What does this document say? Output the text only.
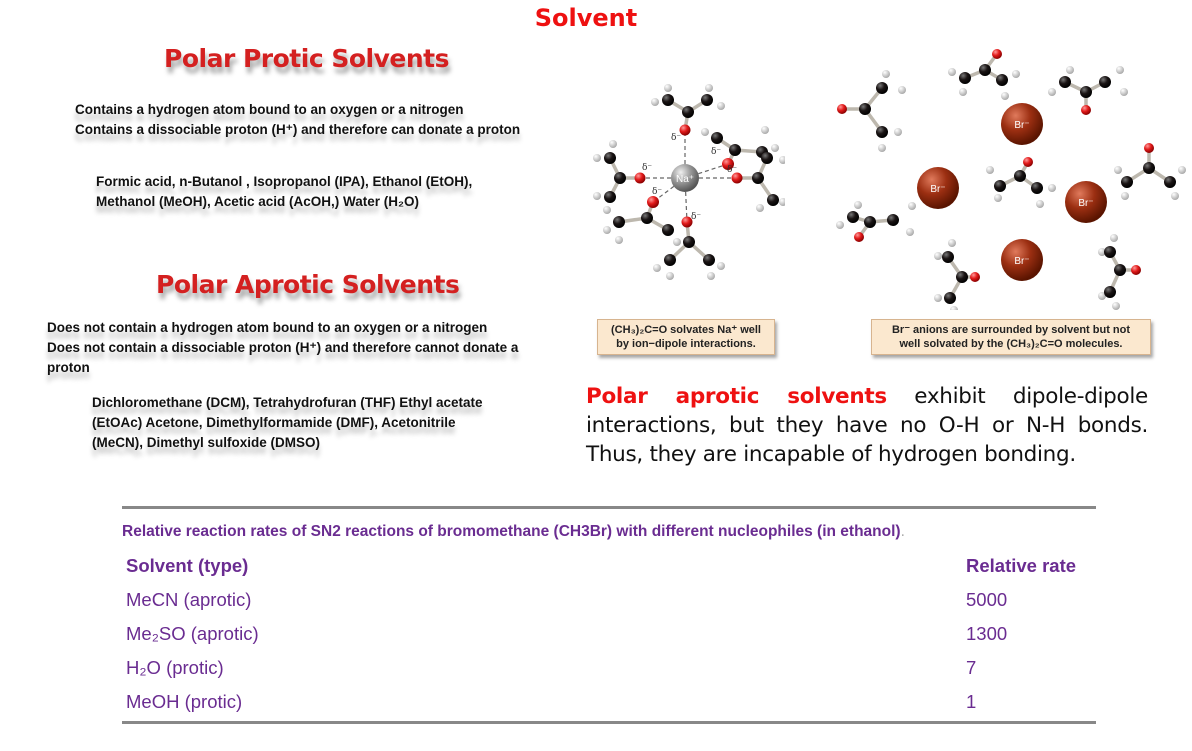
Solvent
Polar Protic Solvents
Contains a hydrogen atom bound to an oxygen or a nitrogen
Contains a dissociable proton (H⁺) and therefore can donate a proton
Formic acid, n-Butanol , Isopropanol (IPA), Ethanol (EtOH),
Methanol (MeOH), Acetic acid (AcOH,) Water (H₂O)
Polar Aprotic Solvents
Does not contain a hydrogen atom bound to an oxygen or a nitrogen
Does not contain a dissociable proton (H⁺) and therefore cannot donate a
proton
Dichloromethane (DCM), Tetrahydrofuran (THF) Ethyl acetate
(EtOAc) Acetone, Dimethylformamide (DMF), Acetonitrile
(MeCN), Dimethyl sulfoxide (DMSO)
Na⁺
δ⁻
δ⁻
δ⁻	δ⁻
δ⁻
δ⁻
(CH₃)₂C=O solvates Na⁺ well
by ion−dipole interactions.
Br⁻
Br⁻
Br⁻
Br⁻
Br⁻ anions are surrounded by solvent but not
well solvated by the (CH₃)₂C=O molecules.
Polar aprotic solvents exhibit dipole-dipole interactions, but they have no O-H or N-H bonds. Thus, they are incapable of hydrogen bonding.
Relative reaction rates of SN2 reactions of bromomethane (CH3Br) with different nucleophiles (in ethanol).
Solvent (type)	Relative rate
MeCN (aprotic)	5000
Me₂SO (aprotic)	1300
H₂O (protic)	7
MeOH (protic)	1
